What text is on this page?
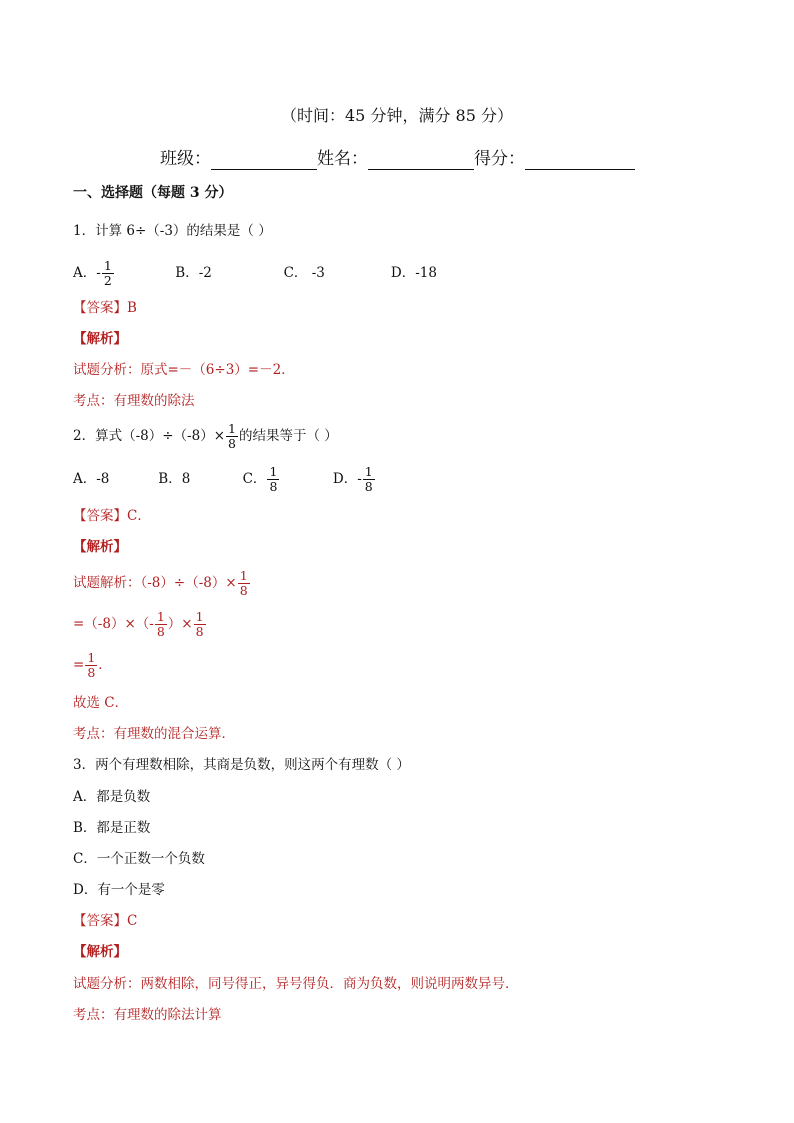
（时间：45 分钟，满分 85 分）
班级：	姓名：	得分：
一、选择题（每题 3 分）
1．计算 6÷（-3）的结果是（ ）
A．- $\frac{1}{2}$	B．-2	C． -3	D．-18
【答案】B
【解析】
试题分析：原式=－（6÷3）=－2．
考点：有理数的除法
2．算式$(-8)\div(-8)\times \frac{1}{8}$ 的结果等于（ ）
A．-8	B．8	C． $\frac{1}{8}$	D．- $\frac{1}{8}$
【答案】C．
【解析】
试题解析：$(-8)\div(-8)\times \frac{1}{8}$
$=(-8)\times(- \frac{1}{8}$ ）× $\frac{1}{8}$
= $\frac{1}{8}$ ．
故选 C．
考点：有理数的混合运算．
3．两个有理数相除，其商是负数，则这两个有理数（ ）
A．都是负数
B．都是正数
C．一个正数一个负数
D．有一个是零
【答案】C
【解析】
试题分析：两数相除，同号得正，异号得负．商为负数，则说明两数异号．
考点：有理数的除法计算
